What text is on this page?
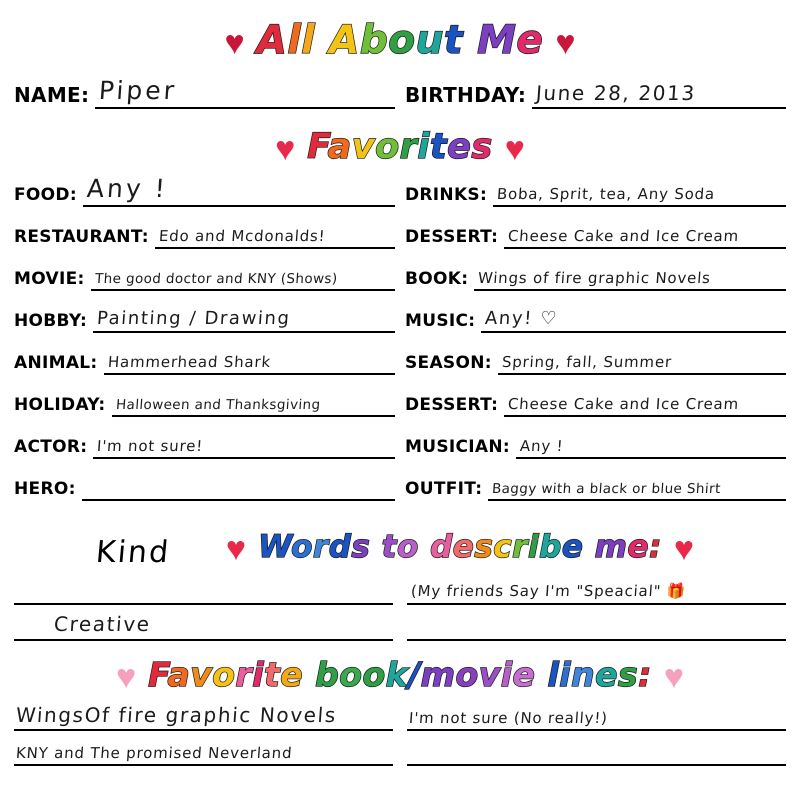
♥ All About Me ♥
NAME: Piper	BIRTHDAY: June 28, 2013
♥ Favorites ♥
FOOD: Any !
RESTAURANT: Edo and Mcdonalds!
MOVIE: The good doctor and KNY (Shows)
HOBBY: Painting / Drawing
ANIMAL: Hammerhead Shark
HOLIDAY: Halloween and Thanksgiving
ACTOR: I'm not sure!
HERO:
DRINKS: Boba, Sprit, tea, Any Soda
DESSERT: Cheese Cake and Ice Cream
BOOK: Wings of fire graphic Novels
MUSIC: Any! ♡
SEASON: Spring, fall, Summer
DESSERT: Cheese Cake and Ice Cream
MUSICIAN: Any !
OUTFIT: Baggy with a black or blue Shirt
♥ Words to describe me: ♥
Kind
Creative
(My friends Say I'm "Speacial" 🎁
♥ Favorite book/movie lines: ♥
WingsOf fire graphic Novels
KNY and The promised Neverland
I'm not sure (No really!)
